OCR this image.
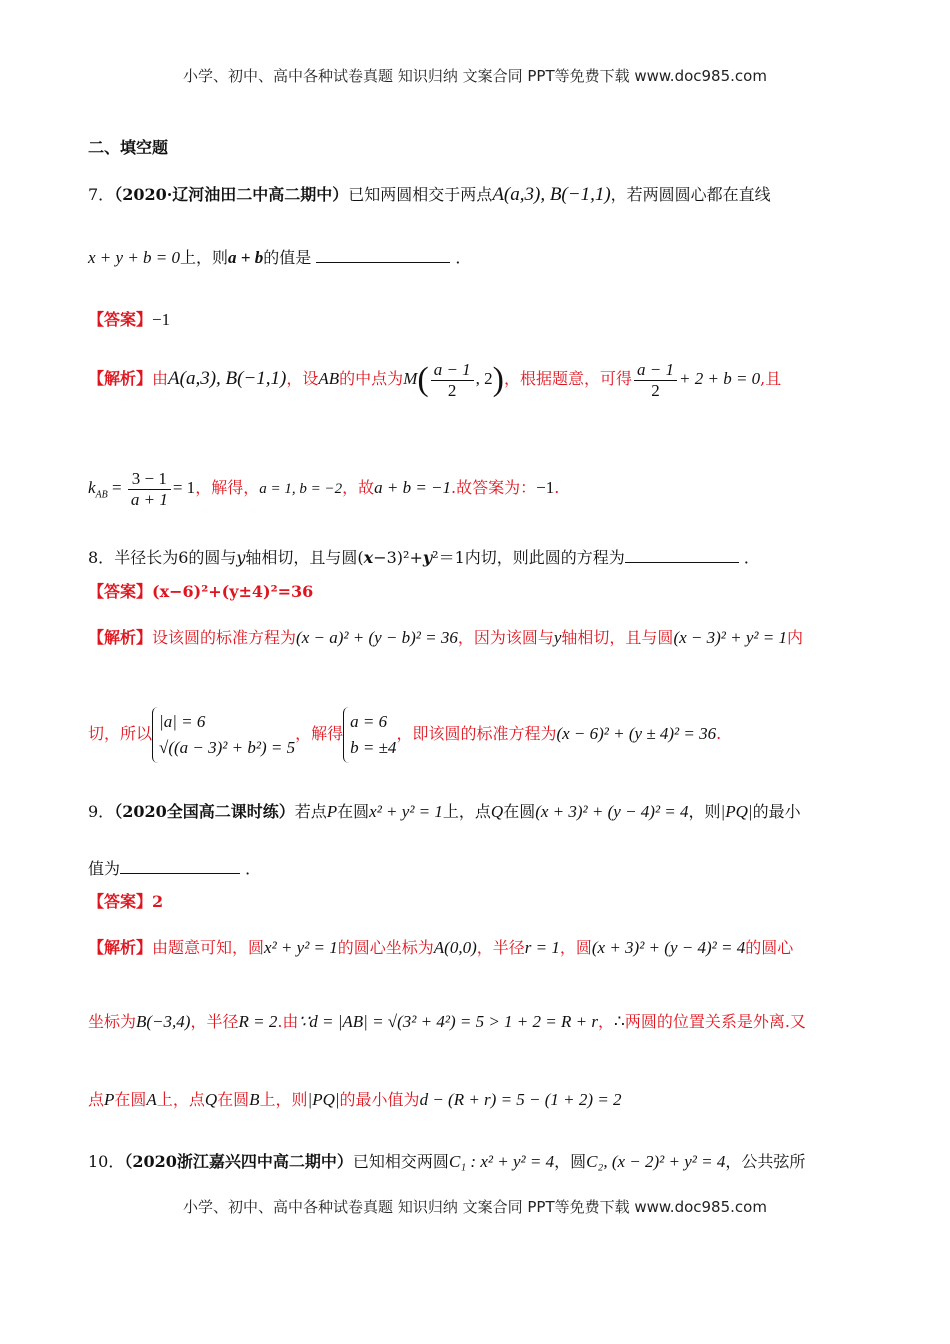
小学、初中、高中各种试卷真题 知识归纳 文案合同 PPT等免费下载 www.doc985.com
二、填空题
7．（2020·辽河油田二中高二期中）已知两圆相交于两点A(a,3), B(−1,1)，若两圆圆心都在直线
x + y + b = 0上，则a + b的值是	．
【答案】−1
【解析】由A(a,3), B(−1,1)，设AB的中点为$M( \frac{a - 1}{2}$ , 2)，根据题意，可得 $\frac{a - 1}{2} + 2 + b = 0$,且
$k_{AB} = \frac{3 - 1}{a + 1} = 1$，解得，a = 1, b = −2，故a + b = −1.故答案为：−1.
8．半径长为6的圆与y轴相切，且与圆(x−3)²+y²＝1内切，则此圆的方程为	．
【答案】(x−6)²+(y±4)²=36
【解析】设该圆的标准方程为(x − a)² + (y − b)² = 36，因为该圆与y轴相切，且与圆(x − 3)² + y² = 1内
切，所以
|a| = 6
√((a − 3)² + b²) = 5
，解得
a = 6
b = ±4
，即该圆的标准方程为(x − 6)² + (y ± 4)² = 36.
9．（2020全国高二课时练）若点P在圆x² + y² = 1上，点Q在圆(x + 3)² + (y − 4)² = 4，则|PQ|的最小
值为	．
【答案】2
【解析】由题意可知，圆x² + y² = 1的圆心坐标为A(0,0)，半径r = 1，圆(x + 3)² + (y − 4)² = 4的圆心
坐标为B(−3,4)，半径R = 2.由∵d = |AB| = √(3² + 4²) = 5 > 1 + 2 = R + r，∴两圆的位置关系是外离.又
点P在圆A上，点Q在圆B上，则|PQ|的最小值为d − (R + r) = 5 − (1 + 2) = 2
10．（2020浙江嘉兴四中高二期中）已知相交两圆C₁ : x² + y² = 4，圆C₂, (x − 2)² + y² = 4，公共弦所
小学、初中、高中各种试卷真题 知识归纳 文案合同 PPT等免费下载 www.doc985.com
